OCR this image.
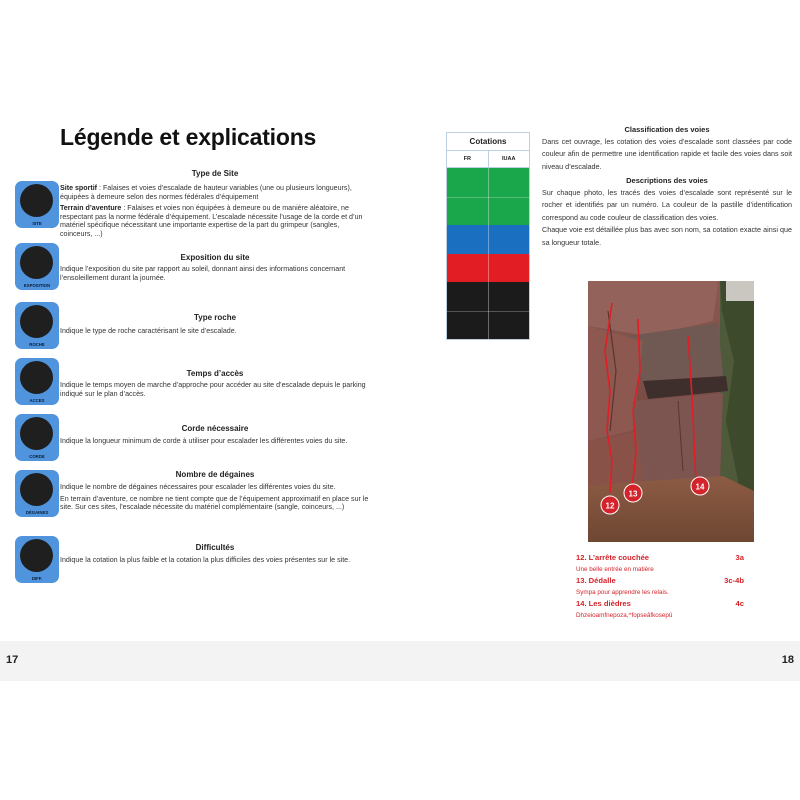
Légende et explications
SITE
Type de Site

Site sportif : Falaises et voies d’escalade de hauteur variables (une ou plusieurs longueurs), équipées à demeure selon des normes fédérales d’équipement

Terrain d’aventure : Falaises et voies non équipées à demeure ou de manière aléatoire, ne respectant pas la norme fédérale d’équipement. L’escalade nécessite l’usage de la corde et d’un matériel spécifique nécessitant une importante expertise de la part du grimpeur (sangles, coinceurs, ...)

EXPOSITION
Exposition du site

Indique l’exposition du site par rapport au soleil, donnant ainsi des informations concernant l’ensoleillement durant la journée.

ROCHE
Type roche

Indique le type de roche caractérisant le site d’escalade.

ACCES
Temps d’accès

Indique le temps moyen de marche d’approche pour accéder au site d’escalade depuis le parking indiqué sur le plan d’accès.

CORDE
Corde nécessaire

Indique la longueur minimum de corde à utiliser pour escalader les différentes voies du site.

DÉGAINES
Nombre de dégaines

Indique le nombre de dégaines nécessaires pour escalader les différentes voies du site.

En terrain d’aventure, ce nombre ne tient compte que de l’équipement approximatif en place sur le site. Sur ces sites, l’escalade nécessite du matériel complémentaire (sangle, coinceurs, ...)

DIFF.
Difficultés

Indique la cotation la plus faible et la cotation la plus difficiles des voies présentes sur le site.

Cotations
FR	IUAA
Classification des voies
Dans cet ouvrage, les cotation des voies d’escalade sont classées par code couleur afin de permettre une identification rapide et facile des voies dans soit niveau d’escalade.
Descriptions des voies

Sur chaque photo, les tracés des voies d’escalade sont représenté sur le rocher et identifiés par un numéro. La couleur de la pastille d’identification correspond au code couleur de classification des voies.

Chaque voie est détaillée plus bas avec son nom, sa cotation exacte ainsi que sa longueur totale.

12
13
14
12. L’arrête couchée	3a
Une belle entrée en matière
13. Dédalle	3c-4b
Sympa pour apprendre les relais.
14. Les dièdres	4c
Dhzeioamfnepoza,^fopseâfkosepû
17	18
